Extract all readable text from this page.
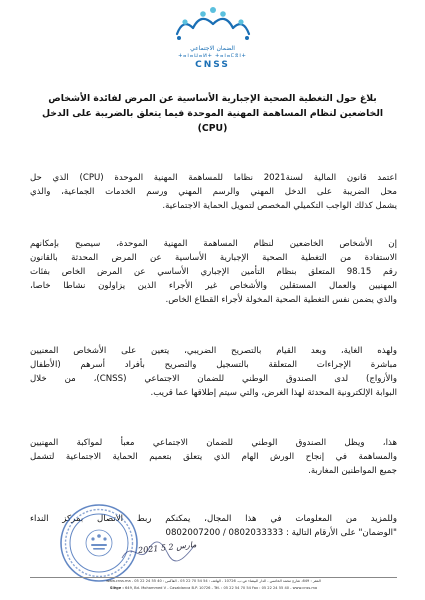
الضمان الاجتماعي
ⵜⴰⵏⴰⵡⴰⵍⵜ ⵜⴰⵏⴰⵎⵓⵏⵜ
CNSS
بلاغ حول التغطية الصحية الإجبارية الأساسية عن المرض لفائدة الأشخاص
الخاضعين لنظام المساهمة المهنية الموحدة فيما يتعلق بالضريبة على الدخل
(CPU)
اعتمد قانون المالية لسنة2021 نظاما للمساهمة المهنية الموحدة (CPU) الذي حل
محل الضريبة على الدخل المهني والرسم المهني ورسم الخدمات الجماعية، والذي
يشمل كذلك الواجب التكميلي المخصص لتمويل الحماية الاجتماعية.
إن الأشخاص الخاضعين لنظام المساهمة المهنية الموحدة، سيصبح بإمكانهم
الاستفادة من التغطية الصحية الإجبارية الأساسية عن المرض المحدثة بالقانون
رقم 98.15 المتعلق بنظام التأمين الإجباري الأساسي عن المرض الخاص بفئات
المهنيين والعمال المستقلين والأشخاص غير الأجراء الذين يزاولون نشاطا خاصا،
والذي يضمن نفس التغطية الصحية المخولة لأجراء القطاع الخاص.
ولهذه الغاية، وبعد القيام بالتصريح الضريبي، يتعين على الأشخاص المعنيين
مباشرة الإجراءات المتعلقة بالتسجيل والتصريح بأفراد أسرهم (الأطفال
والأزواج) لدى الصندوق الوطني للضمان الاجتماعي (CNSS)، من خلال
البوابة الإلكترونية المحدثة لهذا الغرض، والتي سيتم إطلاقها عما قريب.
هذا، ويظل الصندوق الوطني للضمان الاجتماعي معبأ لمواكبة المهنيين
والمساهمة في إنجاح الورش الهام الذي يتعلق بتعميم الحماية الاجتماعية لتشمل
جميع المواطنين المغاربة.
وللمزيد من المعلومات في هذا المجال، يمكنكم ربط الاتصال بمركز النداء
"الوضمان" على الأرقام التالية : 0802033333 / 0802007200
2021 مارس 2 5
المقر : 649، شارع محمد الخامس - الدار البيضاء ص.ب. 10726 - الهاتف : 54 54 70 22 05 - الفاكس : 40 55 24 22 05 - www.cnss.ma
Siège : 649, Bd. Mohammed V - Casablanca B.P. 10726 - Tél. : 05 22 54 70 54 Fax : 05 22 24 55 40 - www.cnss.ma
